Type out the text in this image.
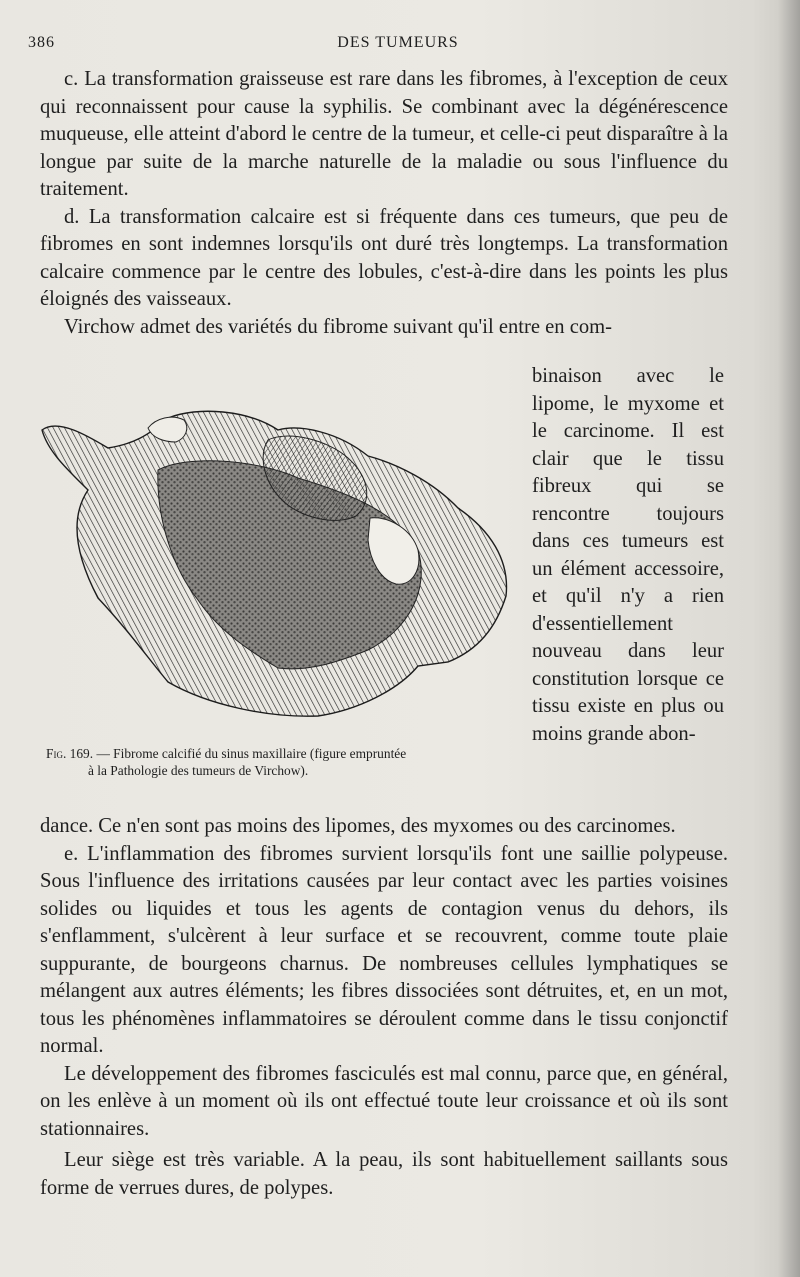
386	DES TUMEURS

c. La transformation graisseuse est rare dans les fibromes, à l'exception de ceux qui reconnaissent pour cause la syphilis. Se combinant avec la dégénérescence muqueuse, elle atteint d'abord le centre de la tumeur, et celle-ci peut disparaître à la longue par suite de la marche naturelle de la maladie ou sous l'influence du traitement.

d. La transformation calcaire est si fréquente dans ces tumeurs, que peu de fibromes en sont indemnes lorsqu'ils ont duré très longtemps. La transformation calcaire commence par le centre des lobules, c'est-à-dire dans les points les plus éloignés des vaisseaux.

Virchow admet des variétés du fibrome suivant qu'il entre en com-

binaison avec le lipome, le myxome et le carcinome. Il est clair que le tissu fibreux qui se rencontre toujours dans ces tumeurs est un élément accessoire, et qu'il n'y a rien d'essentiellement nouveau dans leur constitution lorsque ce tissu existe en plus ou moins grande abon-
Fig. 169. — Fibrome calcifié du sinus maxillaire (figure empruntée
à la Pathologie des tumeurs de Virchow).

dance. Ce n'en sont pas moins des lipomes, des myxomes ou des carcinomes.

e. L'inflammation des fibromes survient lorsqu'ils font une saillie polypeuse. Sous l'influence des irritations causées par leur contact avec les parties voisines solides ou liquides et tous les agents de contagion venus du dehors, ils s'enflamment, s'ulcèrent à leur surface et se recouvrent, comme toute plaie suppurante, de bourgeons charnus. De nombreuses cellules lymphatiques se mélangent aux autres éléments; les fibres dissociées sont détruites, et, en un mot, tous les phénomènes inflammatoires se déroulent comme dans le tissu conjonctif normal.

Le développement des fibromes fasciculés est mal connu, parce que, en général, on les enlève à un moment où ils ont effectué toute leur croissance et où ils sont stationnaires.

Leur siège est très variable. A la peau, ils sont habituellement saillants sous forme de verrues dures, de polypes.
